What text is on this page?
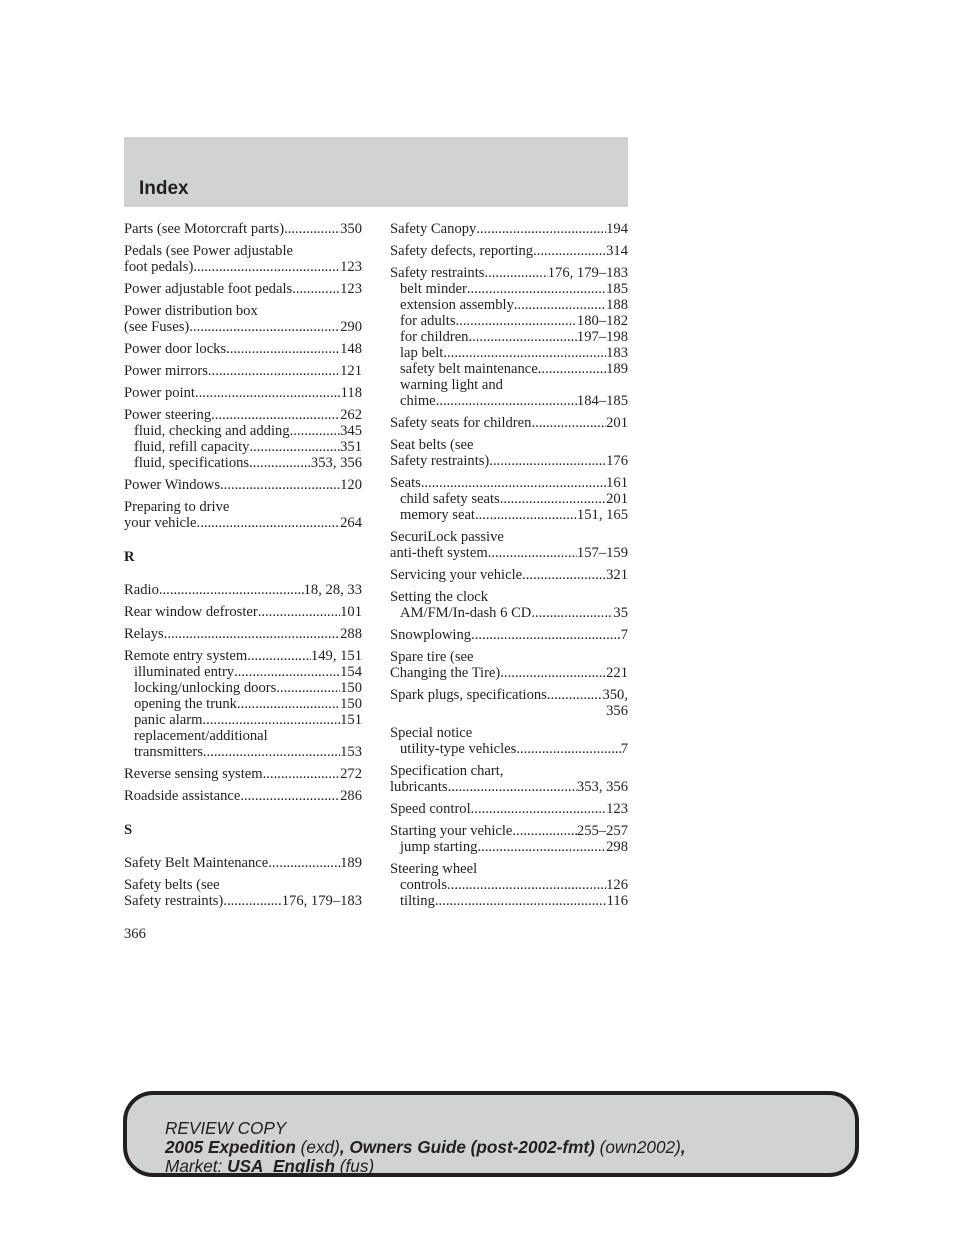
Index
Parts (see Motorcraft parts) .....	350
Pedals (see Power adjustable
foot pedals) .....	123
Power adjustable foot pedals .....	123
Power distribution box
(see Fuses) .....	290
Power door locks .....	148
Power mirrors .....	121
Power point .....	118
Power steering .....	262
fluid, checking and adding .....	345
fluid, refill capacity .....	351
fluid, specifications .....	353, 356
Power Windows .....	120
Preparing to drive
your vehicle .....	264
R
Radio .....	18, 28, 33
Rear window defroster .....	101
Relays .....	288
Remote entry system .....	149, 151
illuminated entry .....	154
locking/unlocking doors .....	150
opening the trunk .....	150
panic alarm .....	151
replacement/additional
transmitters .....	153
Reverse sensing system .....	272
Roadside assistance .....	286
S
Safety Belt Maintenance .....	189
Safety belts (see
Safety restraints) .....	176, 179–183
Safety Canopy .....	194
Safety defects, reporting .....	314
Safety restraints .....	176, 179–183
belt minder .....	185
extension assembly .....	188
for adults .....	180–182
for children .....	197–198
lap belt .....	183
safety belt maintenance .....	189
warning light and
chime .....	184–185
Safety seats for children .....	201
Seat belts (see
Safety restraints) .....	176
Seats .....	161
child safety seats .....	201
memory seat .....	151, 165
SecuriLock passive
anti-theft system .....	157–159
Servicing your vehicle .....	321
Setting the clock
AM/FM/In-dash 6 CD .....	35
Snowplowing .....	7
Spare tire (see
Changing the Tire) .....	221
Spark plugs, specifications .....	350,
356
Special notice
utility-type vehicles .....	7
Specification chart,
lubricants .....	353, 356
Speed control .....	123
Starting your vehicle .....	255–257
jump starting .....	298
Steering wheel
controls .....	126
tilting .....	116
366
REVIEW COPY
2005 Expedition (exd), Owners Guide (post-2002-fmt) (own2002),
Market: USA_English (fus)
